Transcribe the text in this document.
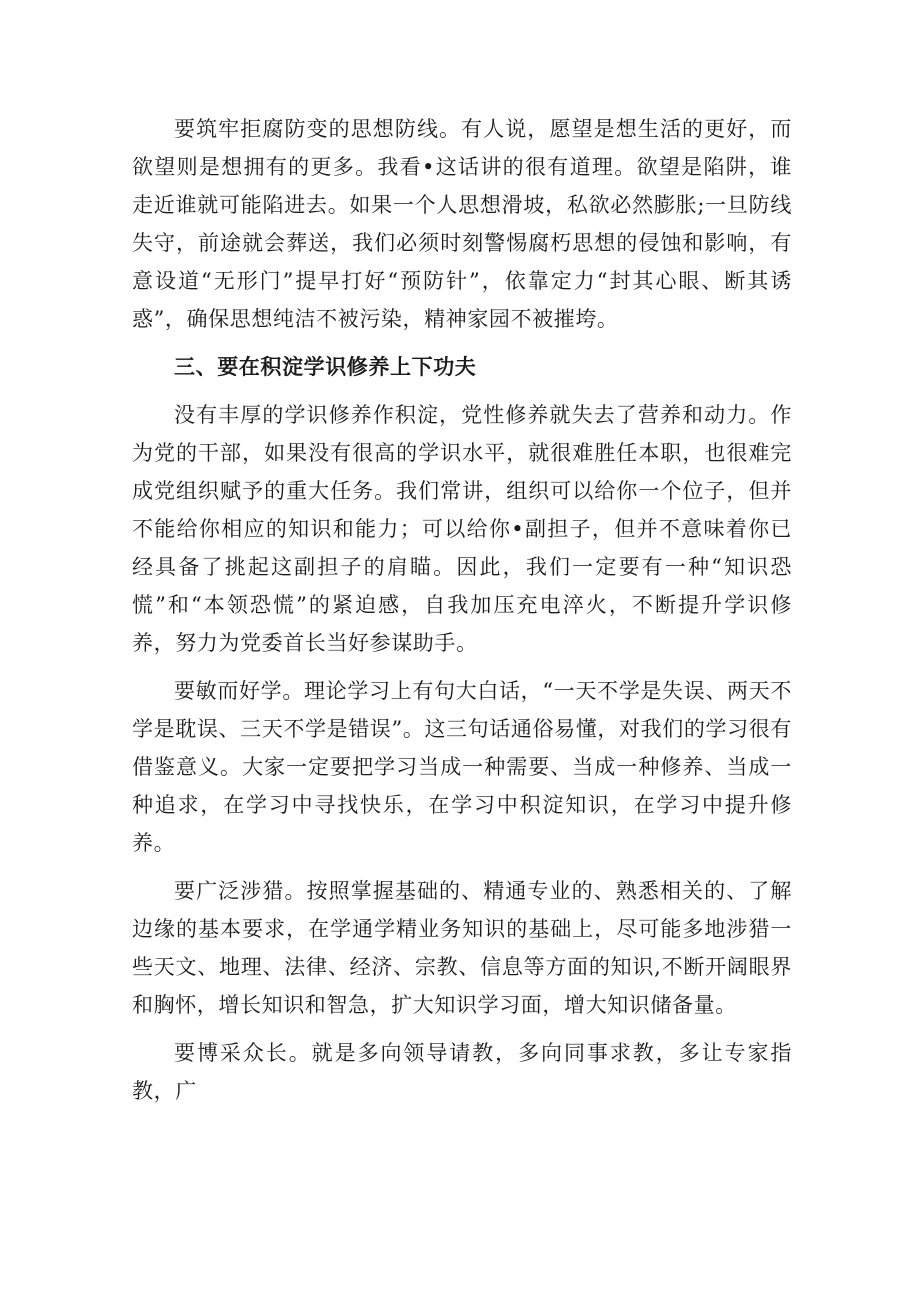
要筑牢拒腐防变的思想防线。有人说，愿望是想生活的更好，而欲望则是想拥有的更多。我看•这话讲的很有道理。欲望是陷阱，谁走近谁就可能陷进去。如果一个人思想滑坡，私欲必然膨胀;一旦防线失守，前途就会葬送，我们必须时刻警惕腐朽思想的侵蚀和影响，有意设道“无形门”提早打好“预防针”，依靠定力“封其心眼、断其诱惑”，确保思想纯洁不被污染，精神家园不被摧垮。

三、要在积淀学识修养上下功夫

没有丰厚的学识修养作积淀，党性修养就失去了营养和动力。作为党的干部，如果没有很高的学识水平，就很难胜任本职，也很难完成党组织赋予的重大任务。我们常讲，组织可以给你一个位子，但并不能给你相应的知识和能力；可以给你•副担子，但并不意味着你已经具备了挑起这副担子的肩瞄。因此，我们一定要有一种“知识恐慌”和“本领恐慌”的紧迫感，自我加压充电淬火，不断提升学识修养，努力为党委首长当好参谋助手。

要敏而好学。理论学习上有句大白话，“一天不学是失误、两天不学是耽误、三天不学是错误”。这三句话通俗易懂，对我们的学习很有借鉴意义。大家一定要把学习当成一种需要、当成一种修养、当成一种追求，在学习中寻找快乐，在学习中积淀知识，在学习中提升修养。

要广泛涉猎。按照掌握基础的、精通专业的、熟悉相关的、了解边缘的基本要求，在学通学精业务知识的基础上，尽可能多地涉猎一些天文、地理、法律、经济、宗教、信息等方面的知识,不断开阔眼界和胸怀，增长知识和智急，扩大知识学习面，增大知识储备量。

要博采众长。就是多向领导请教，多向同事求教，多让专家指教，广
